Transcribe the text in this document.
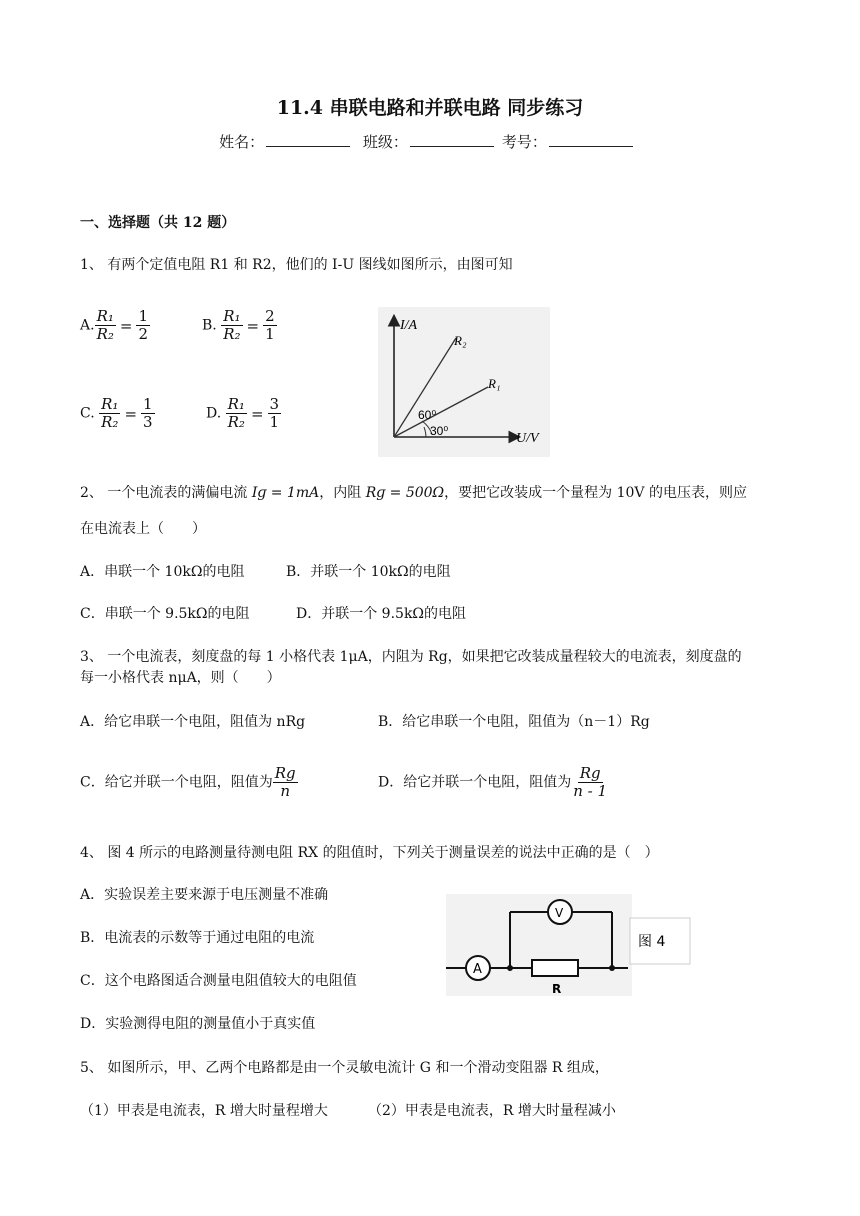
11.4 串联电路和并联电路 同步练习
姓名：	班级：	考号：
一、选择题（共 12 题）
1、 有两个定值电阻 R1 和 R2，他们的 I-U 图线如图所示，由图可知
A. $\frac{\text{R₁}}{\text{R₂}} = \frac{1}{2}$	B. $\frac{\text{R₁}}{\text{R₂}} = \frac{2}{1}$
C. $\frac{\text{R₁}}{\text{R₂}} = \frac{1}{3}$	D. $\frac{\text{R₁}}{\text{R₂}} = \frac{3}{1}$
I/A
U/V
R₂
R₁
60⁰
30⁰
2、 一个电流表的满偏电流 Iɡ = 1mA，内阻 Rɡ = 500Ω，要把它改装成一个量程为 10V 的电压表，则应
在电流表上（　　）
A．串联一个 10kΩ的电阻	B．并联一个 10kΩ的电阻
C．串联一个 9.5kΩ的电阻	D．并联一个 9.5kΩ的电阻
3、 一个电流表，刻度盘的每 1 小格代表 1μA，内阻为 Rg，如果把它改装成量程较大的电流表，刻度盘的
每一小格代表 nμA，则（　　）
A．给它串联一个电阻，阻值为 nRg	B．给它串联一个电阻，阻值为（n－1）Rg
C．给它并联一个电阻，阻值为 $\frac{Rg}{n}$	D．给它并联一个电阻，阻值为 $\frac{Rg}{n - 1}$
4、 图 4 所示的电路测量待测电阻 RX 的阻值时，下列关于测量误差的说法中正确的是（　）
A．实验误差主要来源于电压测量不准确
B．电流表的示数等于通过电阻的电流
C．这个电路图适合测量电阻值较大的电阻值
D．实验测得电阻的测量值小于真实值
A
R
V
图 4
5、 如图所示，甲、乙两个电路都是由一个灵敏电流计 G 和一个滑动变阻器 R 组成，
（1）甲表是电流表，R 增大时量程增大	（2）甲表是电流表，R 增大时量程减小
